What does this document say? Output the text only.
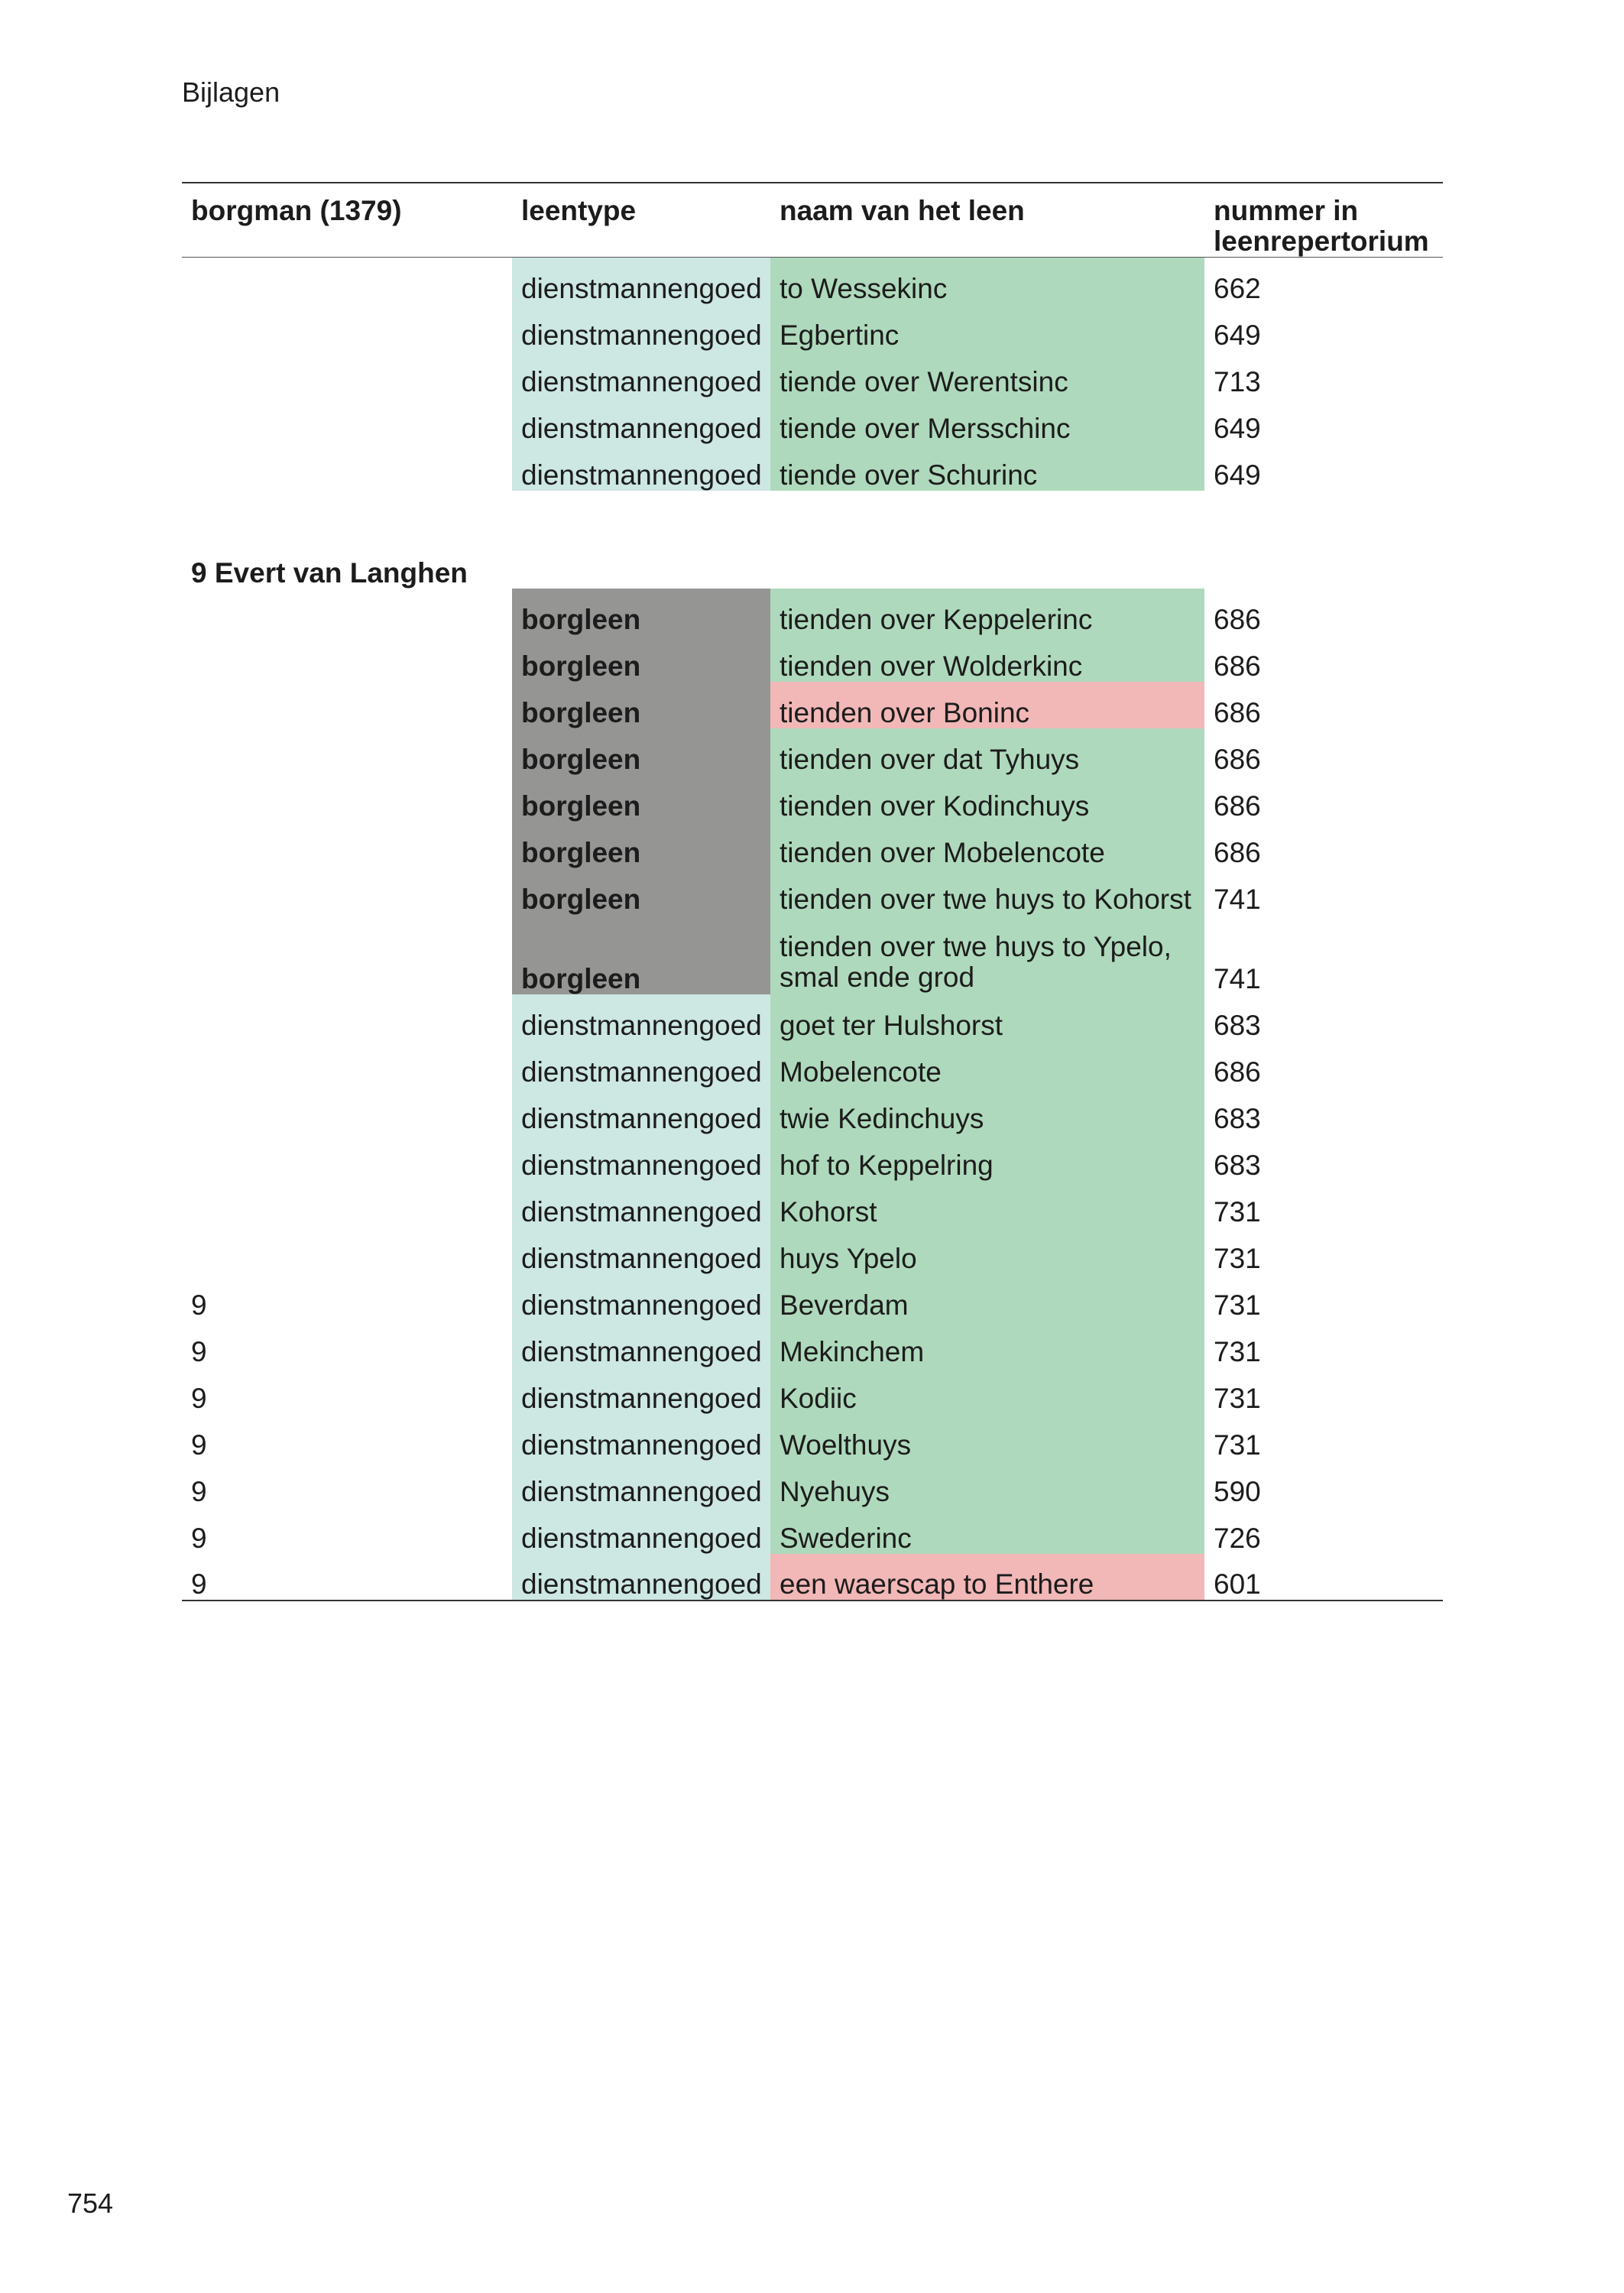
Bijlagen
borgman (1379)	leentype	naam van het leen	nummer in leenrepertorium
	dienstmannengoed	to Wessekinc	662
	dienstmannengoed	Egbertinc	649
	dienstmannengoed	tiende over Werentsinc	713
	dienstmannengoed	tiende over Mersschinc	649
	dienstmannengoed	tiende over Schurinc	649

9 Evert van Langhen			
	borgleen	tienden over Keppelerinc	686
	borgleen	tienden over Wolderkinc	686
	borgleen	tienden over Boninc	686
	borgleen	tienden over dat Tyhuys	686
	borgleen	tienden over Kodinchuys	686
	borgleen	tienden over Mobelencote	686
	borgleen	tienden over twe huys to Kohorst	741
	borgleen	tienden over twe huys to Ypelo, smal ende grod	741
	dienstmannengoed	goet ter Hulshorst	683
	dienstmannengoed	Mobelencote	686
	dienstmannengoed	twie Kedinchuys	683
	dienstmannengoed	hof to Keppelring	683
	dienstmannengoed	Kohorst	731
	dienstmannengoed	huys Ypelo	731
9	dienstmannengoed	Beverdam	731
9	dienstmannengoed	Mekinchem	731
9	dienstmannengoed	Kodiic	731
9	dienstmannengoed	Woelthuys	731
9	dienstmannengoed	Nyehuys	590
9	dienstmannengoed	Swederinc	726
9	dienstmannengoed	een waerscap to Enthere	601
754
